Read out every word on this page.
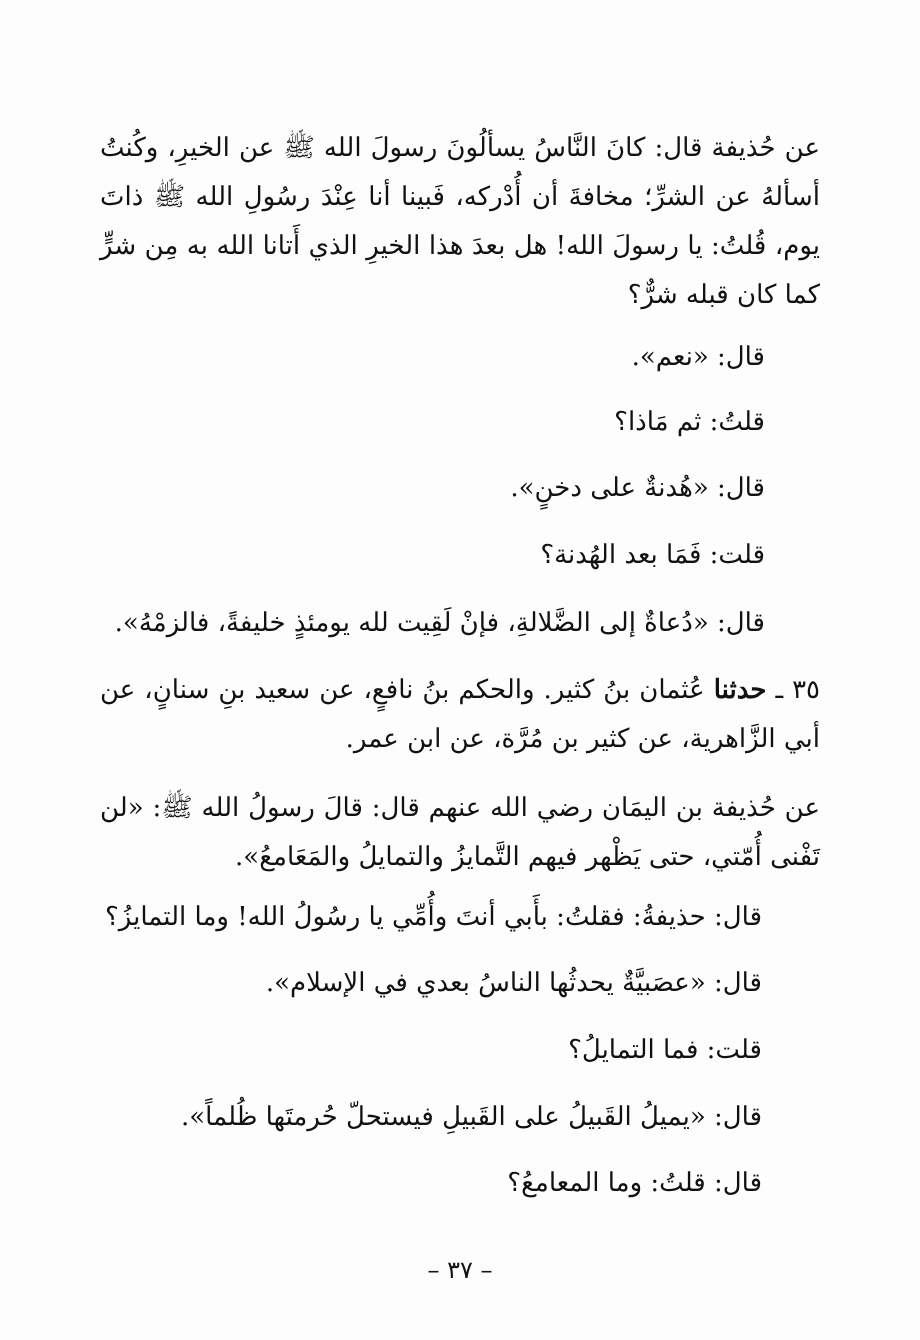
عن حُذيفة قال: كانَ النَّاسُ يسألُونَ رسولَ الله ﷺ عن الخيرِ، وكُنتُ أسألهُ عن الشرِّ؛ مخافةَ أن أُدْركه، فَبينا أنا عِنْدَ رسُولِ الله ﷺ ذاتَ يوم، قُلتُ: يا رسولَ الله! هل بعدَ هذا الخيرِ الذي أَتانا الله به مِن شرٍّ كما كان قبله شرٌّ؟
قال: «نعم».
قلتُ: ثم مَاذا؟
قال: «هُدنةٌ على دخنٍ».
قلت: فَمَا بعد الهُدنة؟
قال: «دُعاةٌ إلى الضَّلالةِ، فإنْ لَقِيت لله يومئذٍ خليفةً، فالزمْهُ».
٣٥ ـ حدثنا عُثمان بنُ كثير. والحكم بنُ نافعٍ، عن سعيد بنِ سنانٍ، عن أبي الزَّاهرية، عن كثير بن مُرَّة، عن ابن عمر.
عن حُذيفة بن اليمَان رضي الله عنهم قال: قالَ رسولُ الله ﷺ: «لن تَفْنى أُمّتي، حتى يَظْهر فيهم التَّمايزُ والتمايلُ والمَعَامعُ».
قال: حذيفةُ: فقلتُ: بأَبي أنتَ وأُمِّي يا رسُولُ الله! وما التمايزُ؟
قال: «عصَبيَّةٌ يحدثُها الناسُ بعدي في الإسلام».
قلت: فما التمايلُ؟
قال: «يميلُ القَبيلُ على القَبيلِ فيستحلّ حُرمتَها ظُلماً».
قال: قلتُ: وما المعامعُ؟
– ٣٧ –
